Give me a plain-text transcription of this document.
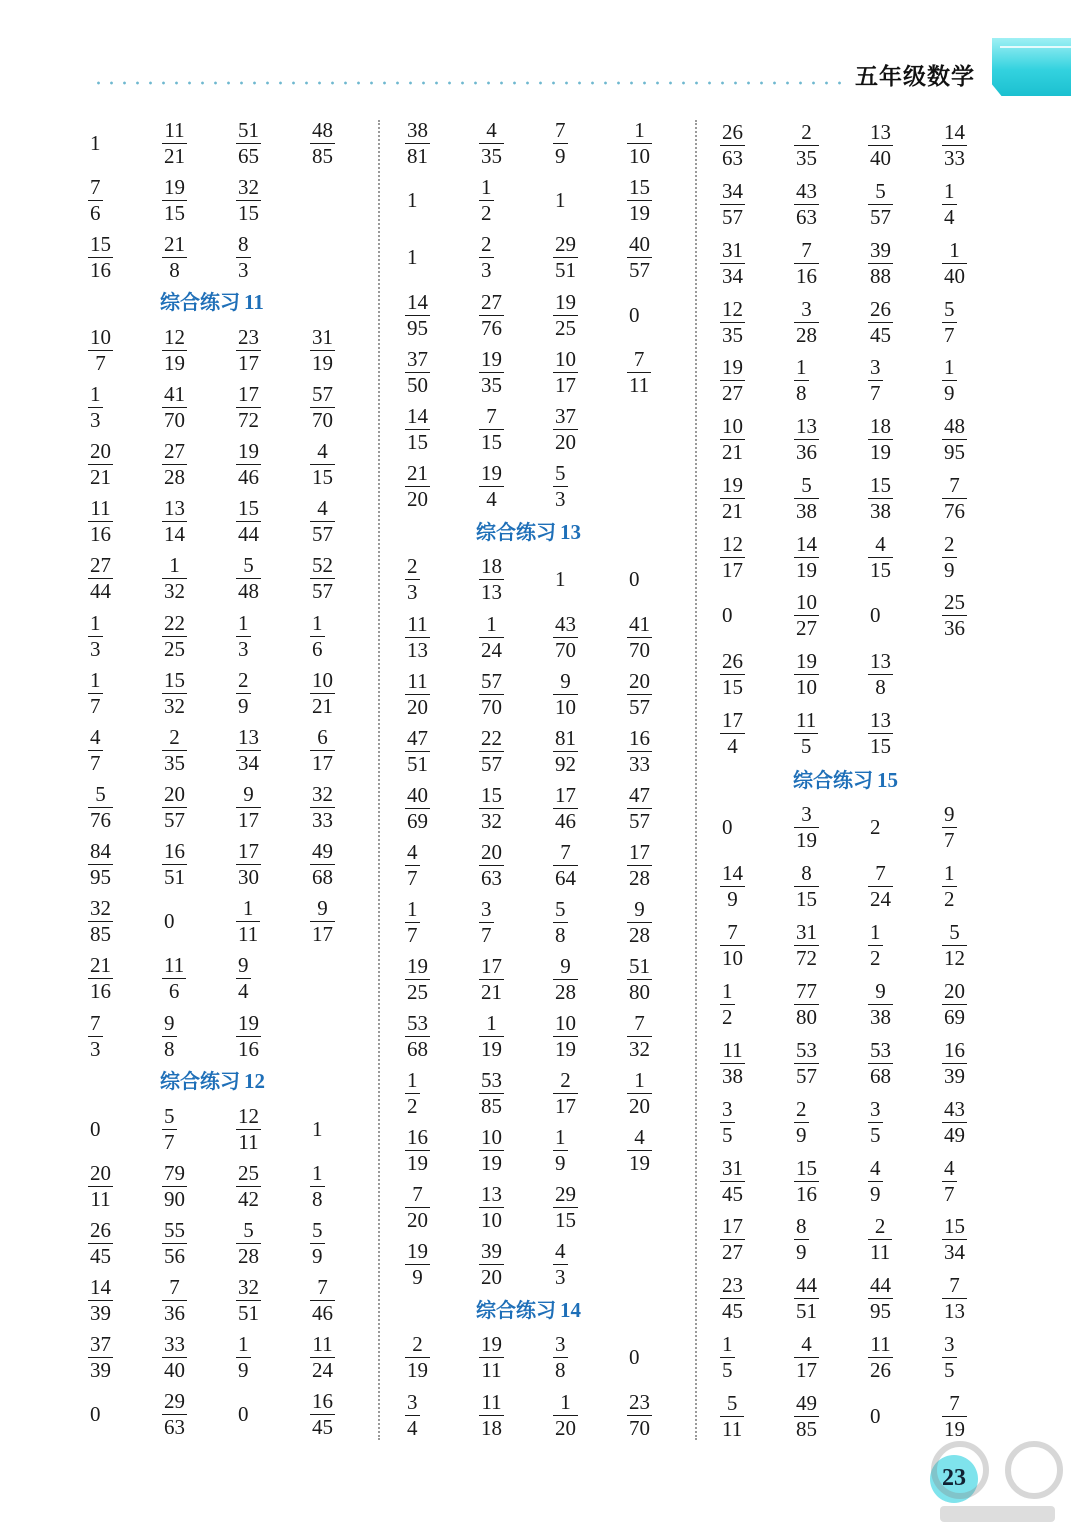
五年级数学
1	$\frac{11}{21} \frac{51}{65} \frac{48}{85}$
$\frac{7}{6}$	$\frac{19}{15} \frac{32}{15}$
$\frac{15}{16} \frac{21}{8} \frac{8}{3}$
综合练习 11
$\frac{10}{7} \frac{12}{19} \frac{23}{17} \frac{31}{19}$
$\frac{1}{3}$	$\frac{41}{70} \frac{17}{72} \frac{57}{70}$
$\frac{20}{21} \frac{27}{28} \frac{19}{46} \frac{4}{15}$
$\frac{11}{16} \frac{13}{14} \frac{15}{44} \frac{4}{57}$
$\frac{27}{44} \frac{1}{32} \frac{5}{48} \frac{52}{57}$
$\frac{1}{3}$	$\frac{22}{25} \frac{1}{3}$	$\frac{1}{6}$
$\frac{1}{7}$	$\frac{15}{32} \frac{2}{9}$	$\frac{10}{21}$
$\frac{4}{7}$	$\frac{2}{35} \frac{13}{34} \frac{6}{17}$
$\frac{5}{76} \frac{20}{57} \frac{9}{17} \frac{32}{33}$
$\frac{84}{95} \frac{16}{51} \frac{17}{30} \frac{49}{68}$
$\frac{32}{85} 0$	$\frac{1}{11} \frac{9}{17}$
$\frac{21}{16} \frac{11}{6} \frac{9}{4}$
$\frac{7}{3}$	$\frac{9}{8}$	$\frac{19}{16}$
综合练习 12
0	$\frac{5}{7}$	$\frac{12}{11} 1$
$\frac{20}{11} \frac{79}{90} \frac{25}{42} \frac{1}{8}$
$\frac{26}{45} \frac{55}{56} \frac{5}{28} \frac{5}{9}$
$\frac{14}{39} \frac{7}{36} \frac{32}{51} \frac{7}{46}$
$\frac{37}{39} \frac{33}{40} \frac{1}{9}$	$\frac{11}{24}$
0	$\frac{29}{63} 0$	$\frac{16}{45}$
$\frac{38}{81} \frac{4}{35} \frac{7}{9}$	$\frac{1}{10}$
1	$\frac{1}{2}$	1	$\frac{15}{19}$
1	$\frac{2}{3}$	$\frac{29}{51} \frac{40}{57}$
$\frac{14}{95} \frac{27}{76} \frac{19}{25} 0$
$\frac{37}{50} \frac{19}{35} \frac{10}{17} \frac{7}{11}$
$\frac{14}{15} \frac{7}{15} \frac{37}{20}$
$\frac{21}{20} \frac{19}{4} \frac{5}{3}$
综合练习 13
$\frac{2}{3}$	$\frac{18}{13} 1$	0
$\frac{11}{13} \frac{1}{24} \frac{43}{70} \frac{41}{70}$
$\frac{11}{20} \frac{57}{70} \frac{9}{10} \frac{20}{57}$
$\frac{47}{51} \frac{22}{57} \frac{81}{92} \frac{16}{33}$
$\frac{40}{69} \frac{15}{32} \frac{17}{46} \frac{47}{57}$
$\frac{4}{7}$	$\frac{20}{63} \frac{7}{64} \frac{17}{28}$
$\frac{1}{7}$	$\frac{3}{7}$	$\frac{5}{8}$	$\frac{9}{28}$
$\frac{19}{25} \frac{17}{21} \frac{9}{28} \frac{51}{80}$
$\frac{53}{68} \frac{1}{19} \frac{10}{19} \frac{7}{32}$
$\frac{1}{2}$	$\frac{53}{85} \frac{2}{17} \frac{1}{20}$
$\frac{16}{19} \frac{10}{19} \frac{1}{9}$	$\frac{4}{19}$
$\frac{7}{20} \frac{13}{10} \frac{29}{15}$
$\frac{19}{9} \frac{39}{20} \frac{4}{3}$
综合练习 14
$\frac{2}{19} \frac{19}{11} \frac{3}{8}$	0
$\frac{3}{4}$	$\frac{11}{18} \frac{1}{20} \frac{23}{70}$
$\frac{26}{63} \frac{2}{35} \frac{13}{40} \frac{14}{33}$
$\frac{34}{57} \frac{43}{63} \frac{5}{57} \frac{1}{4}$
$\frac{31}{34} \frac{7}{16} \frac{39}{88} \frac{1}{40}$
$\frac{12}{35} \frac{3}{28} \frac{26}{45} \frac{5}{7}$
$\frac{19}{27} \frac{1}{8}$	$\frac{3}{7}$	$\frac{1}{9}$
$\frac{10}{21} \frac{13}{36} \frac{18}{19} \frac{48}{95}$
$\frac{19}{21} \frac{5}{38} \frac{15}{38} \frac{7}{76}$
$\frac{12}{17} \frac{14}{19} \frac{4}{15} \frac{2}{9}$
0	$\frac{10}{27} 0$	$\frac{25}{36}$
$\frac{26}{15} \frac{19}{10} \frac{13}{8}$
$\frac{17}{4} \frac{11}{5} \frac{13}{15}$
综合练习 15
0	$\frac{3}{19} 2$	$\frac{9}{7}$
$\frac{14}{9} \frac{8}{15} \frac{7}{24} \frac{1}{2}$
$\frac{7}{10} \frac{31}{72} \frac{1}{2}$	$\frac{5}{12}$
$\frac{1}{2}$	$\frac{77}{80} \frac{9}{38} \frac{20}{69}$
$\frac{11}{38} \frac{53}{57} \frac{53}{68} \frac{16}{39}$
$\frac{3}{5}$	$\frac{2}{9}$	$\frac{3}{5}$	$\frac{43}{49}$
$\frac{31}{45} \frac{15}{16} \frac{4}{9}$	$\frac{4}{7}$
$\frac{17}{27} \frac{8}{9}$	$\frac{2}{11} \frac{15}{34}$
$\frac{23}{45} \frac{44}{51} \frac{44}{95} \frac{7}{13}$
$\frac{1}{5}$	$\frac{4}{17} \frac{11}{26} \frac{3}{5}$
$\frac{5}{11} \frac{49}{85} 0$	$\frac{7}{19}$
23
